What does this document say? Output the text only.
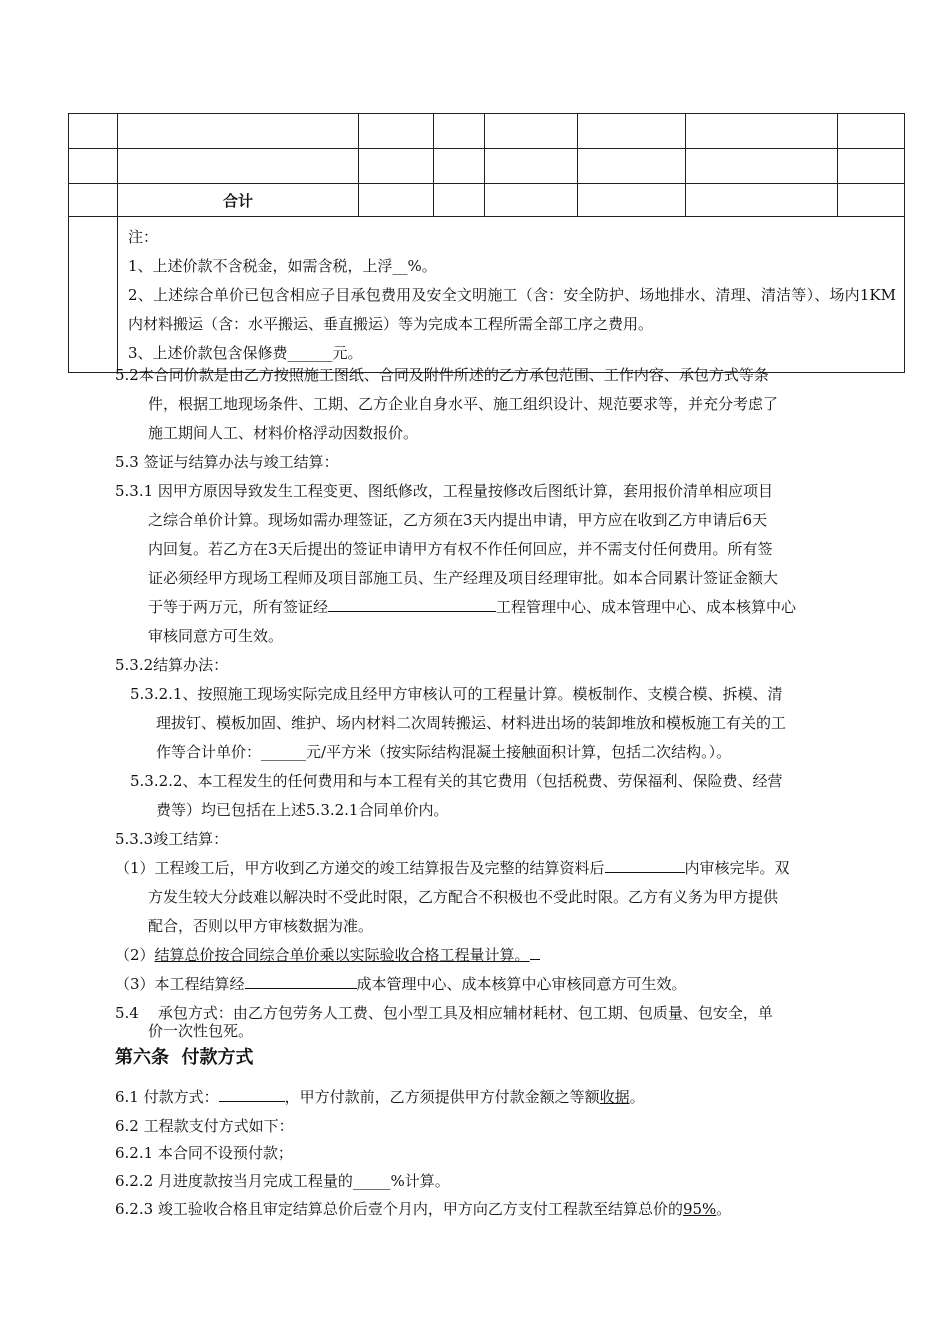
	合计						

	注：
1、上述价款不含税金，如需含税，上浮__%。
2、上述综合单价已包含相应子目承包费用及安全文明施工（含：安全防护、场地排水、清理、清洁等）、场内1KM内材料搬运（含：水平搬运、垂直搬运）等为完成本工程所需全部工序之费用。
3、上述价款包含保修费______元。						
5.2本合同价款是由乙方按照施工图纸、合同及附件所述的乙方承包范围、工作内容、承包方式等条
件，根据工地现场条件、工期、乙方企业自身水平、施工组织设计、规范要求等，并充分考虑了
施工期间人工、材料价格浮动因数报价。
5.3 签证与结算办法与竣工结算：
5.3.1 因甲方原因导致发生工程变更、图纸修改，工程量按修改后图纸计算，套用报价清单相应项目
之综合单价计算。现场如需办理签证，乙方须在3天内提出申请，甲方应在收到乙方申请后6天
内回复。若乙方在3天后提出的签证申请甲方有权不作任何回应，并不需支付任何费用。所有签
证必须经甲方现场工程师及项目部施工员、生产经理及项目经理审批。如本合同累计签证金额大
于等于两万元，所有签证经	工程管理中心、成本管理中心、成本核算中心
审核同意方可生效。
5.3.2结算办法：
5.3.2.1、按照施工现场实际完成且经甲方审核认可的工程量计算。模板制作、支模合模、拆模、清
理拔钉、模板加固、维护、场内材料二次周转搬运、材料进出场的装卸堆放和模板施工有关的工
作等合计单价：______元/平方米（按实际结构混凝土接触面积计算，包括二次结构。）。
5.3.2.2、本工程发生的任何费用和与本工程有关的其它费用（包括税费、劳保福利、保险费、经营
费等）均已包括在上述5.3.2.1合同单价内。
5.3.3竣工结算：
（1）工程竣工后，甲方收到乙方递交的竣工结算报告及完整的结算资料后	内审核完毕。双
方发生较大分歧难以解决时不受此时限，乙方配合不积极也不受此时限。乙方有义务为甲方提供
配合，否则以甲方审核数据为准。
（2）结算总价按合同综合单价乘以实际验收合格工程量计算。
（3）本工程结算经	成本管理中心、成本核算中心审核同意方可生效。
5.4    承包方式：由乙方包劳务人工费、包小型工具及相应辅材耗材、包工期、包质量、包安全，单
价一次性包死。
第六条  付款方式
6.1 付款方式：	，甲方付款前，乙方须提供甲方付款金额之等额收据。
6.2 工程款支付方式如下：
6.2.1 本合同不设预付款；
6.2.2 月进度款按当月完成工程量的_____%计算。
6.2.3 竣工验收合格且审定结算总价后壹个月内，甲方向乙方支付工程款至结算总价的95%。
